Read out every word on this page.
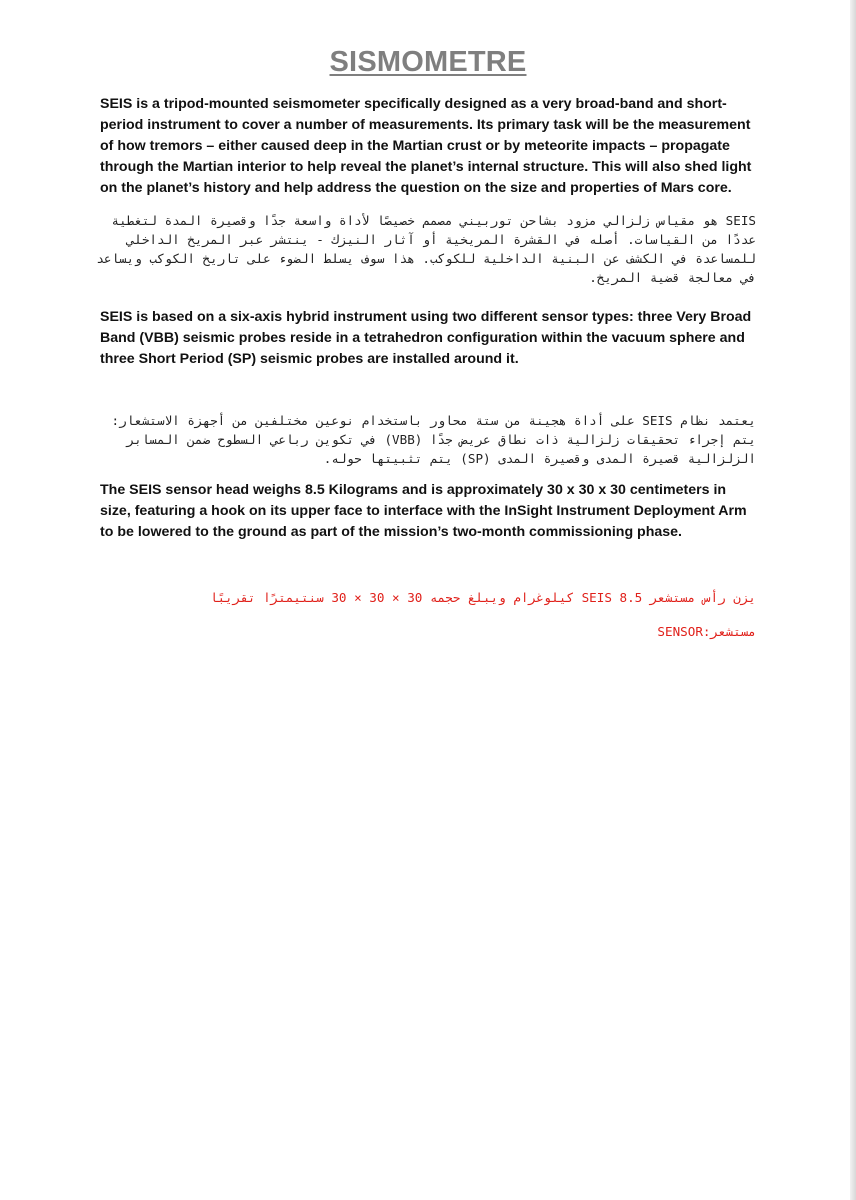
SISMOMETRE

SEIS is a tripod-mounted seismometer specifically designed as a very broad-band and short-period instrument to cover a number of measurements. Its primary task will be the measurement of how tremors – either caused deep in the Martian crust or by meteorite impacts – propagate through the Martian interior to help reveal the planet’s internal structure. This will also shed light on the planet’s history and help address the question on the size and properties of Mars core.

SEIS هو مقياس زلزالي مزود بشاحن توربيني مصمم خصيصًا لأداة واسعة جدًا وقصيرة المدة لتغطية عددًا من القياسات. أصله في القشرة المريخية أو آثار النيزك - ينتشر عبر المريخ الداخلي للمساعدة في الكشف عن البنية الداخلية للكوكب. هذا سوف يسلط الضوء على تاريخ الكوكب ويساعد في معالجة قضية المريخ.

SEIS is based on a six-axis hybrid instrument using two different sensor types: three Very Broad Band (VBB) seismic probes reside in a tetrahedron configuration within the vacuum sphere and three Short Period (SP) seismic probes are installed around it.

يعتمد نظام SEIS على أداة هجينة من ستة محاور باستخدام نوعين مختلفين من أجهزة الاستشعار: يتم إجراء تحقيقات زلزالية ذات نطاق عريض جدًا (VBB) في تكوين رباعي السطوح ضمن المسابر الزلزالية قصيرة المدى وقصيرة المدى (SP) يتم تثبيتها حوله.

The SEIS sensor head weighs 8.5 Kilograms and is approximately 30 x 30 x 30 centimeters in size, featuring a hook on its upper face to interface with the InSight Instrument Deployment Arm to be lowered to the ground as part of the mission’s two-month commissioning phase.

يزن رأس مستشعر SEIS 8.5 كيلوغرام ويبلغ حجمه 30 × 30 × 30 سنتيمترًا تقريبًا

مستشعر:SENSOR
